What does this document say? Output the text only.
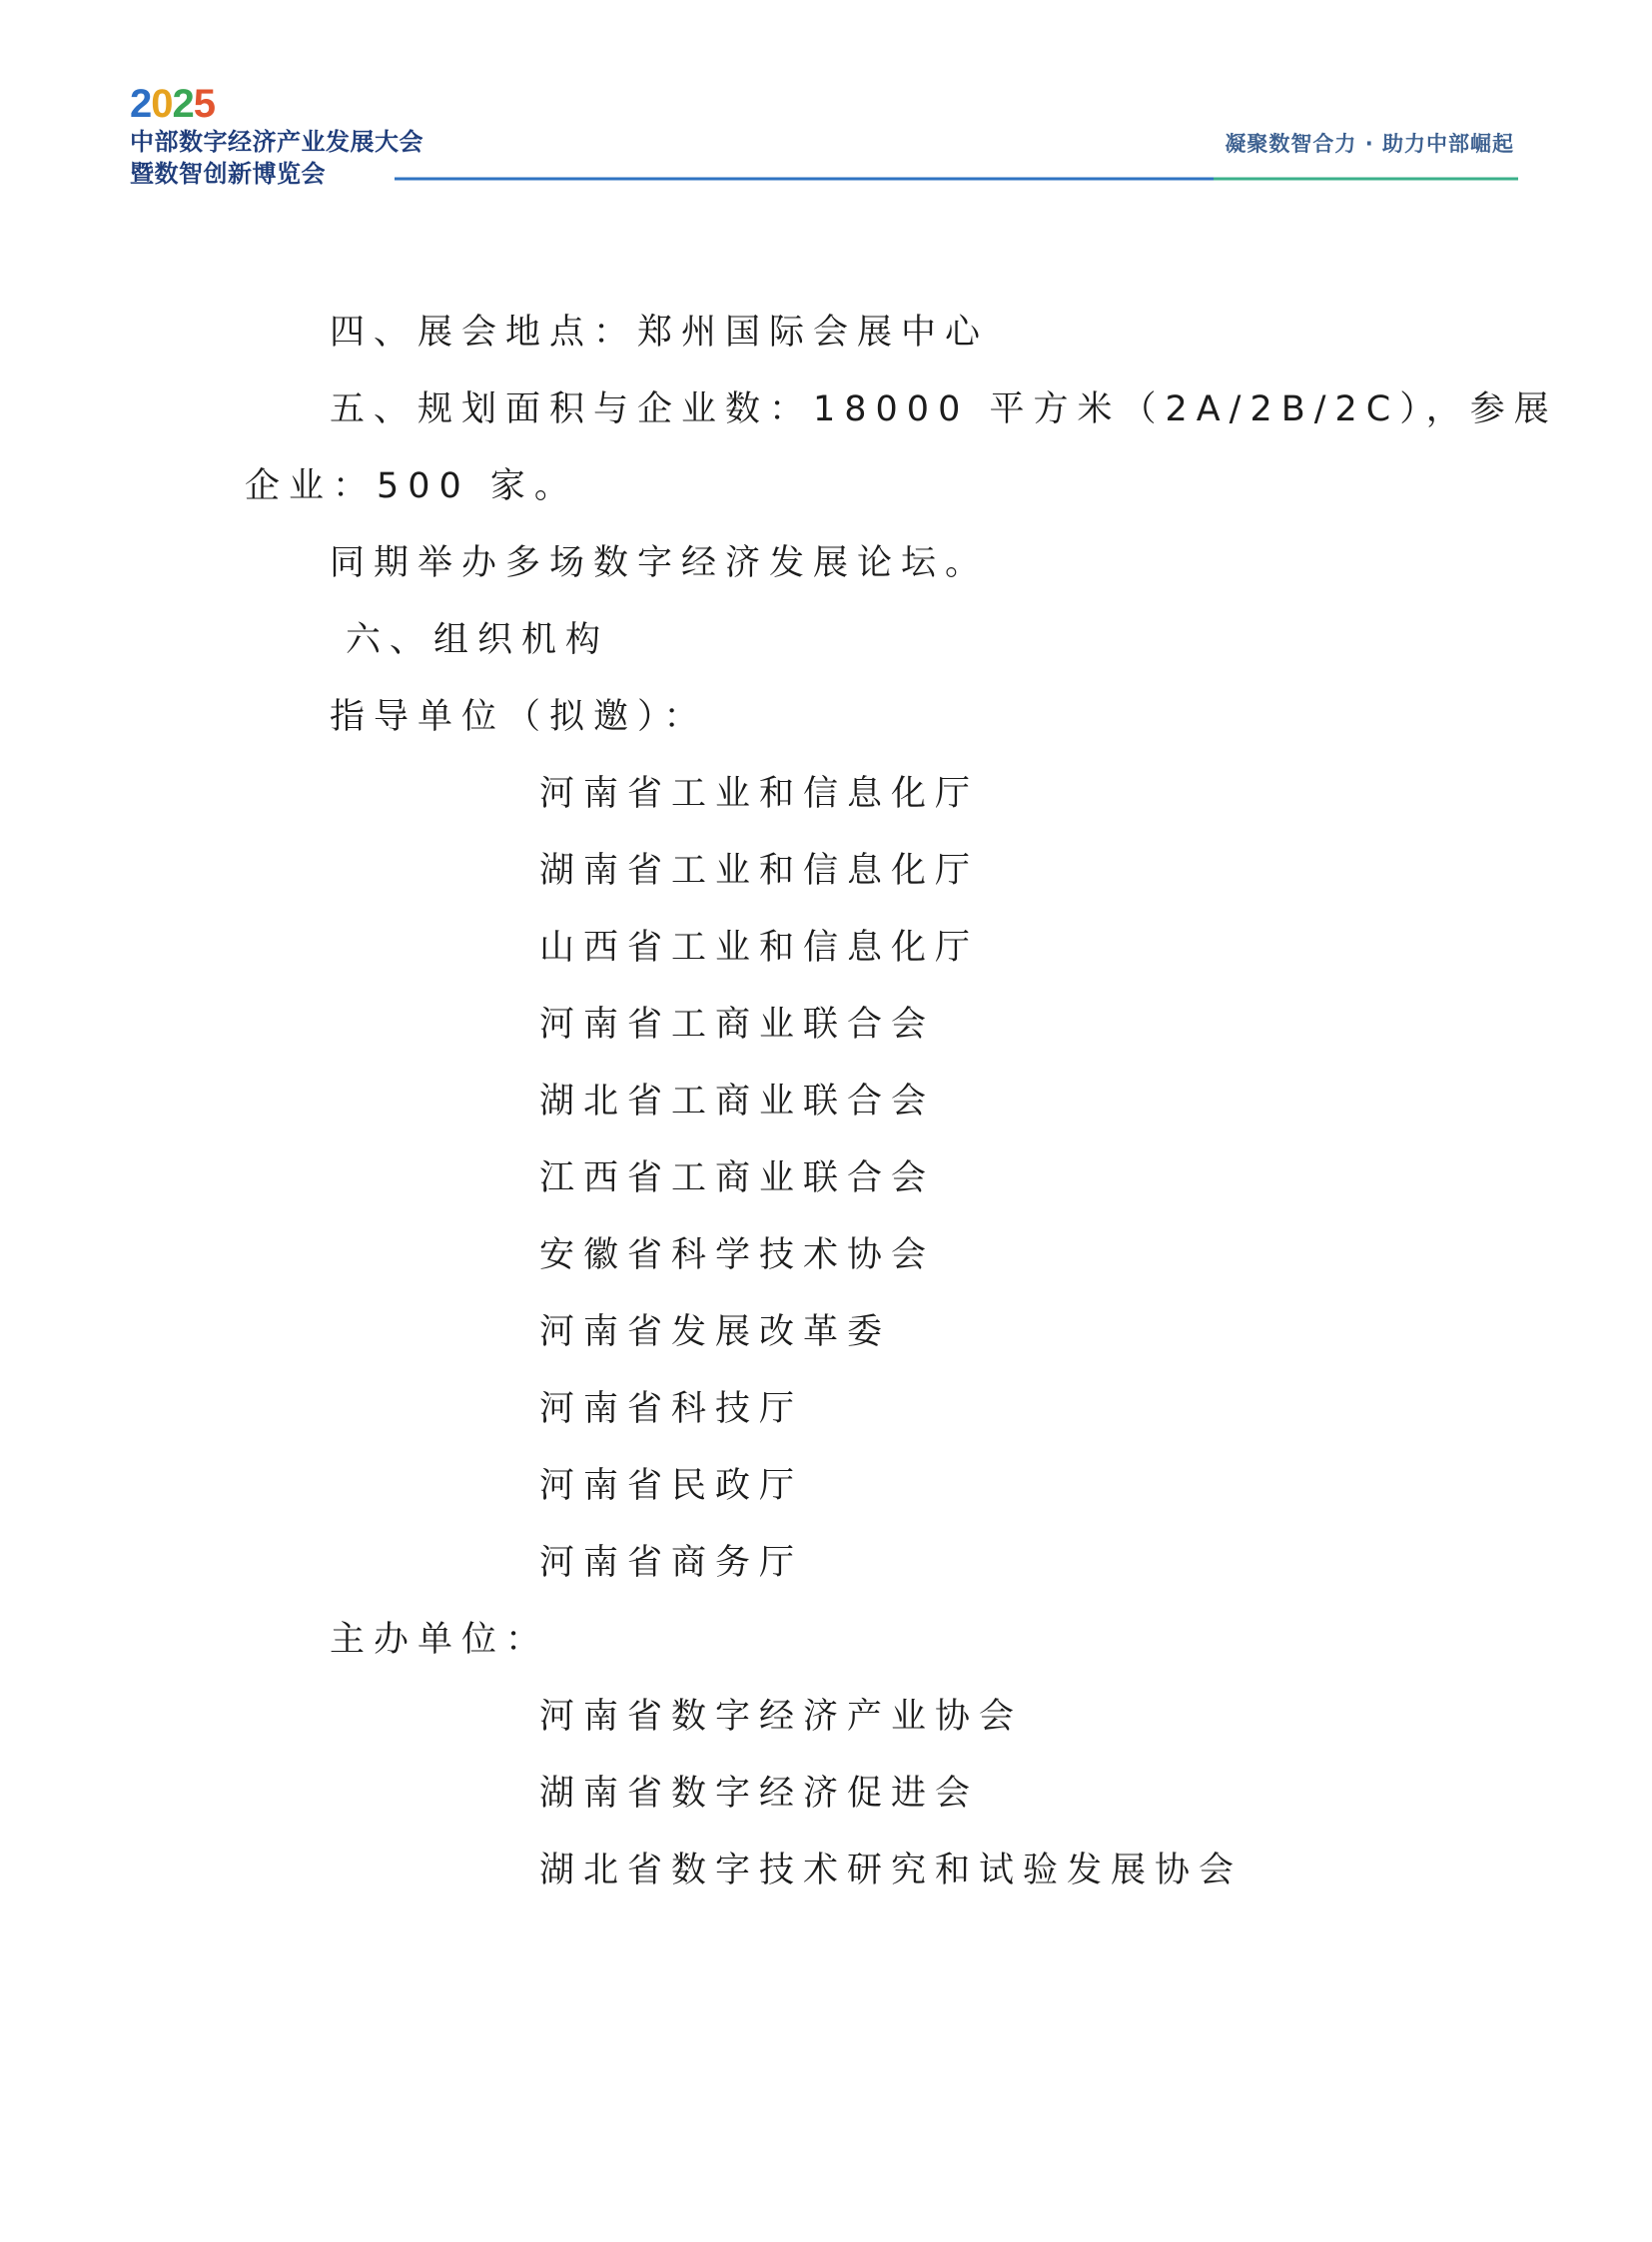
2025
中部数字经济产业发展大会
暨数智创新博览会
凝聚数智合力 · 助力中部崛起
四、展会地点：郑州国际会展中心
五、规划面积与企业数：18000 平方米（2A/2B/2C），参展
企业：500 家。
同期举办多场数字经济发展论坛。
六、组织机构
指导单位（拟邀）：
河南省工业和信息化厅
湖南省工业和信息化厅
山西省工业和信息化厅
河南省工商业联合会
湖北省工商业联合会
江西省工商业联合会
安徽省科学技术协会
河南省发展改革委
河南省科技厅
河南省民政厅
河南省商务厅
主办单位：
河南省数字经济产业协会
湖南省数字经济促进会
湖北省数字技术研究和试验发展协会
